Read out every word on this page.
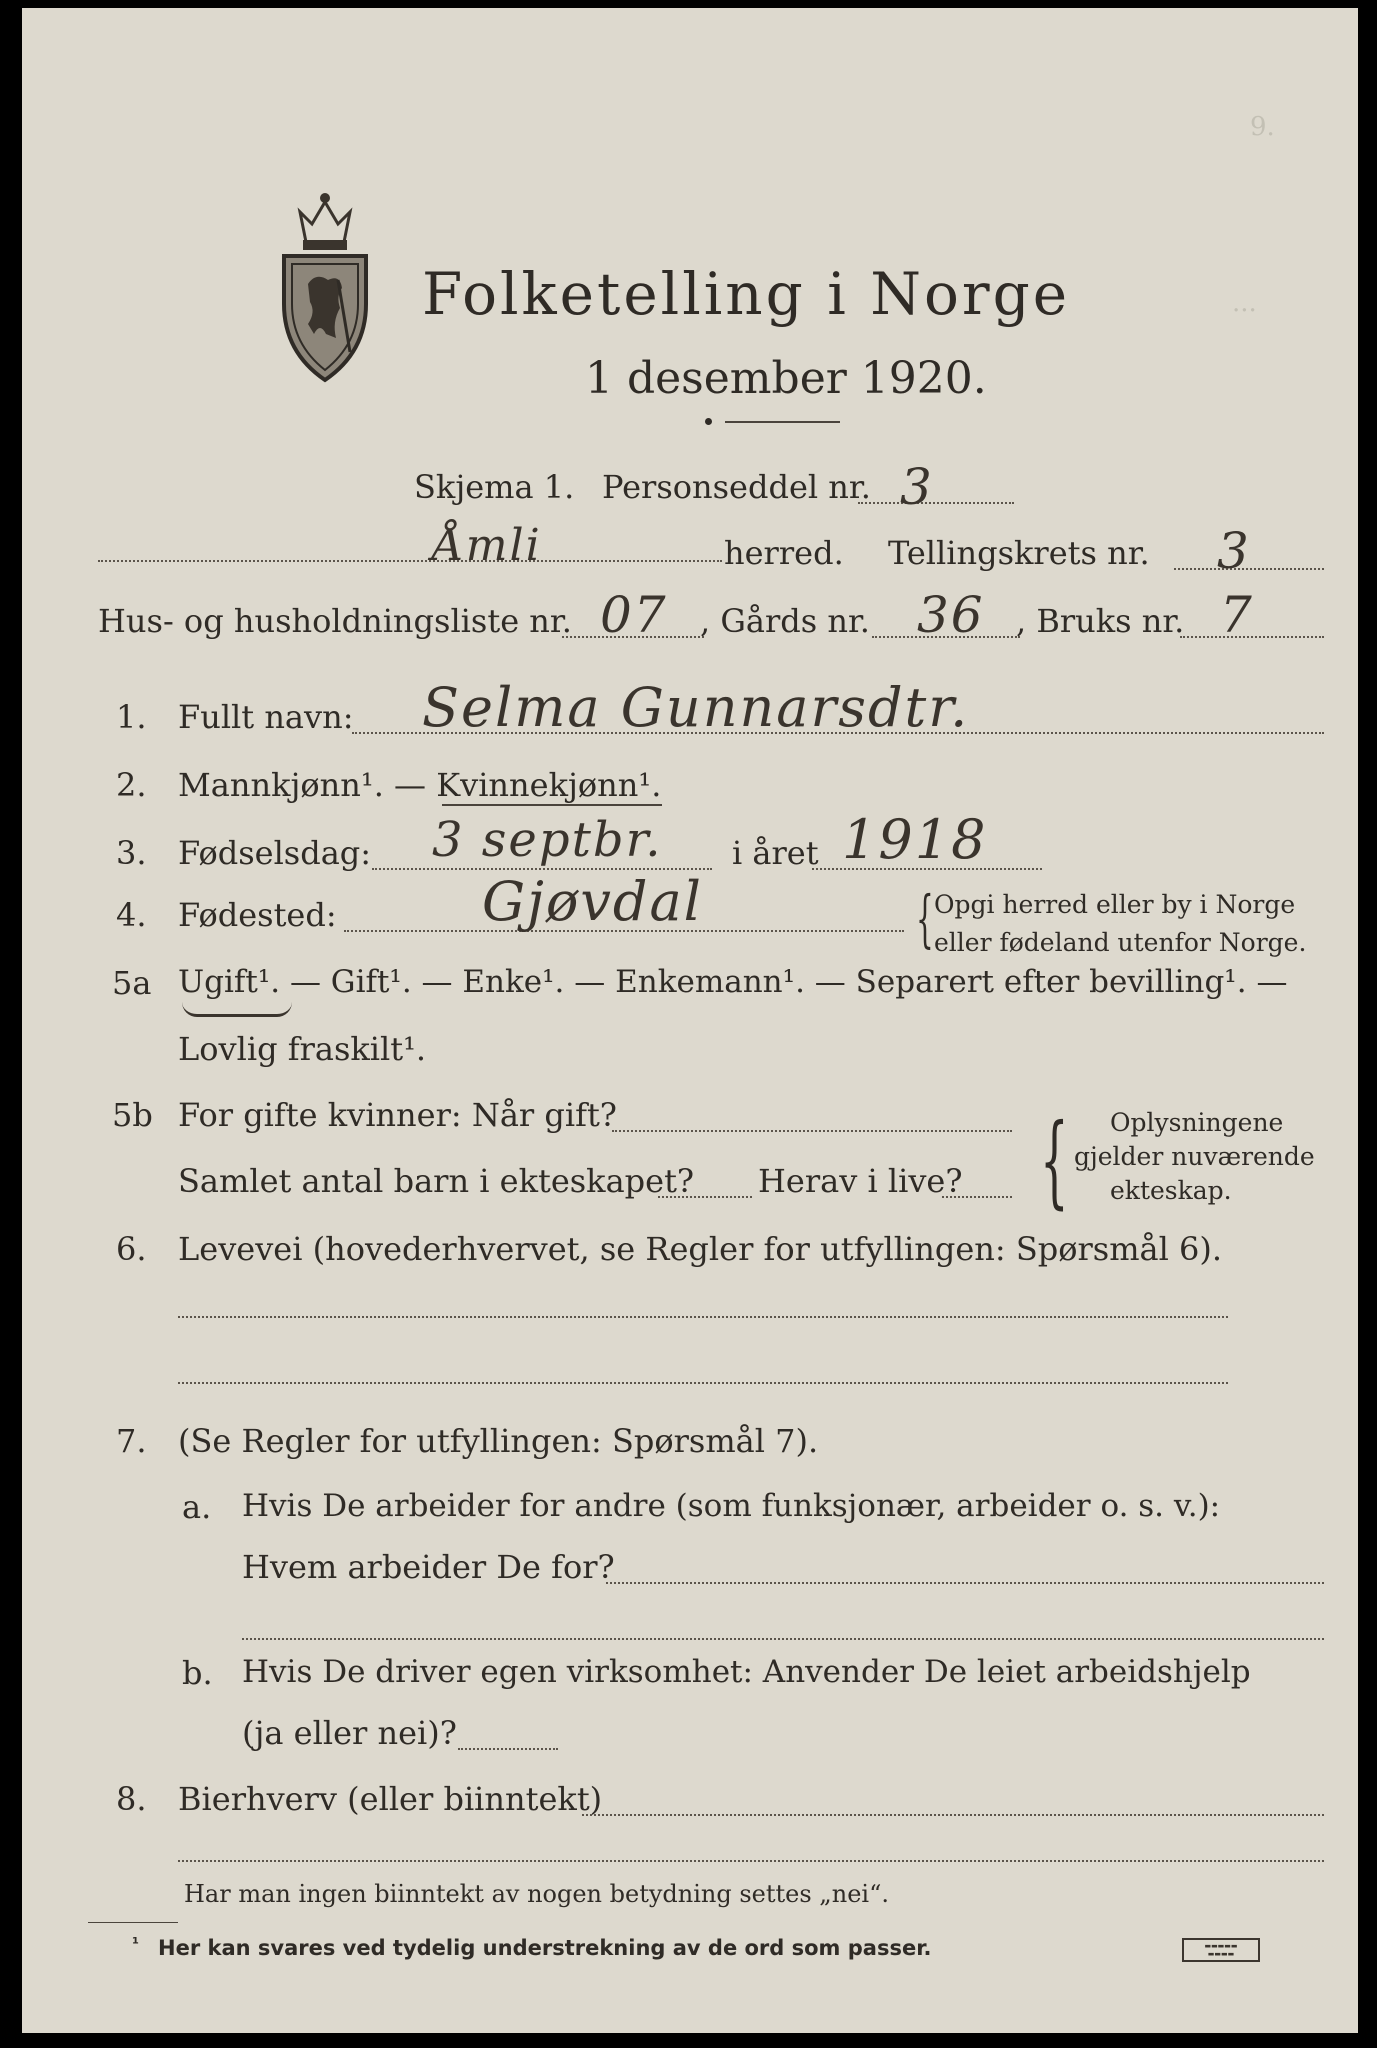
9.
...
Folketelling i Norge
1 desember 1920.
Skjema 1. Personseddel nr. 3
Åmli	herred. Tellingskrets nr. 3
Hus- og husholdningsliste nr. 07 , Gårds nr. 36 , Bruks nr. 7
1. Fullt navn: Selma Gunnarsdtr.
2. Mannkjønn¹. — Kvinnekjønn¹.
3. Fødselsdag: 3 septbr. i året 1918
4. Fødested:	Gjøvdal	{ Opgi herred eller by i Norge
eller fødeland utenfor Norge.
5a Ugift¹. — Gift¹. — Enke¹. — Enkemann¹. — Separert efter bevilling¹. —
Lovlig fraskilt¹.
5b For gifte kvinner: Når gift?
Samlet antal barn i ekteskapet? Herav i live? { Oplysningene
gjelder nuværende
ekteskap.
6. Levevei (hovederhvervet, se Regler for utfyllingen: Spørsmål 6).
7. (Se Regler for utfyllingen: Spørsmål 7).
a. Hvis De arbeider for andre (som funksjonær, arbeider o. s. v.):
Hvem arbeider De for?
b. Hvis De driver egen virksomhet: Anvender De leiet arbeidshjelp
(ja eller nei)?
8. Bierhverv (eller biinntekt)
Har man ingen biinntekt av nogen betydning settes „nei“.
¹ Her kan svares ved tydelig understrekning av de ord som passer.	▬▬▬▬▬
▬▬▬▬
